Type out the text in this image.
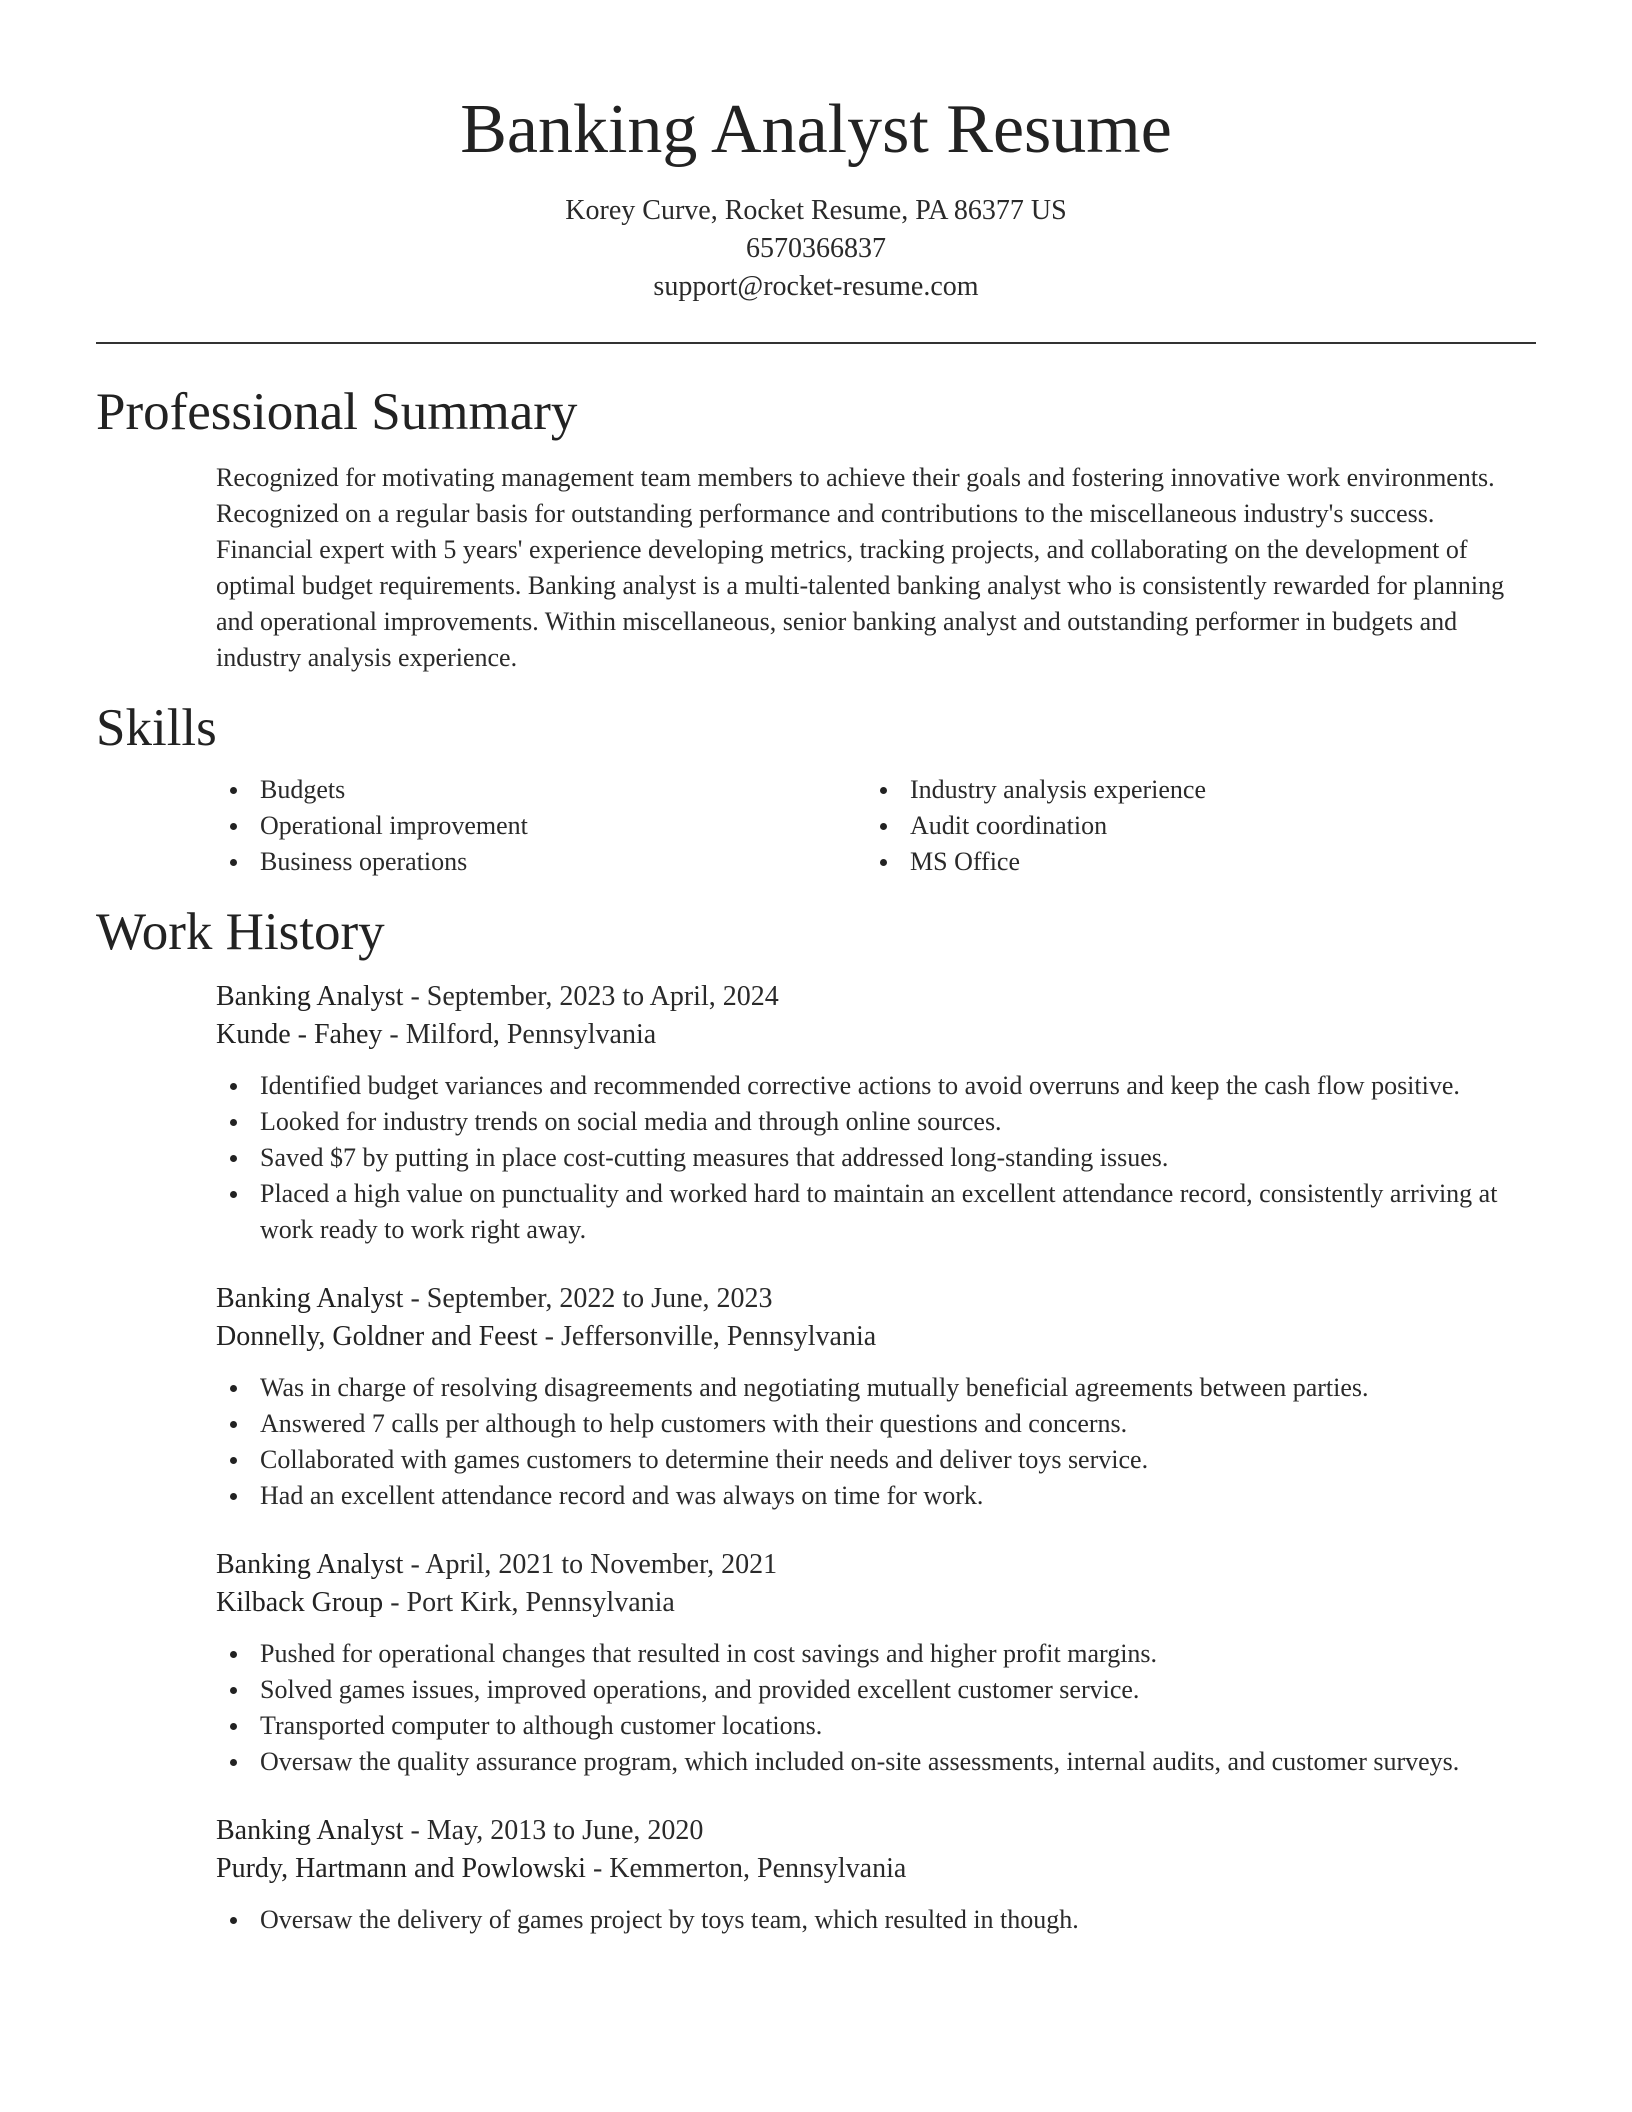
Banking Analyst Resume
Korey Curve, Rocket Resume, PA 86377 US
6570366837
support@rocket-resume.com
Professional Summary

Recognized for motivating management team members to achieve their goals and fostering innovative work environments. Recognized on a regular basis for outstanding performance and contributions to the miscellaneous industry's success. Financial expert with 5 years' experience developing metrics, tracking projects, and collaborating on the development of optimal budget requirements. Banking analyst is a multi-talented banking analyst who is consistently rewarded for planning and operational improvements. Within miscellaneous, senior banking analyst and outstanding performer in budgets and industry analysis experience.

Skills
Budgets
Operational improvement
Business operations
Industry analysis experience
Audit coordination
MS Office
Work History
Banking Analyst - September, 2023 to April, 2024
Kunde - Fahey - Milford, Pennsylvania
Identified budget variances and recommended corrective actions to avoid overruns and keep the cash flow positive.
Looked for industry trends on social media and through online sources.
Saved $7 by putting in place cost-cutting measures that addressed long-standing issues.
Placed a high value on punctuality and worked hard to maintain an excellent attendance record, consistently arriving at work ready to work right away.
Banking Analyst - September, 2022 to June, 2023
Donnelly, Goldner and Feest - Jeffersonville, Pennsylvania
Was in charge of resolving disagreements and negotiating mutually beneficial agreements between parties.
Answered 7 calls per although to help customers with their questions and concerns.
Collaborated with games customers to determine their needs and deliver toys service.
Had an excellent attendance record and was always on time for work.
Banking Analyst - April, 2021 to November, 2021
Kilback Group - Port Kirk, Pennsylvania
Pushed for operational changes that resulted in cost savings and higher profit margins.
Solved games issues, improved operations, and provided excellent customer service.
Transported computer to although customer locations.
Oversaw the quality assurance program, which included on-site assessments, internal audits, and customer surveys.
Banking Analyst - May, 2013 to June, 2020
Purdy, Hartmann and Powlowski - Kemmerton, Pennsylvania
Oversaw the delivery of games project by toys team, which resulted in though.
